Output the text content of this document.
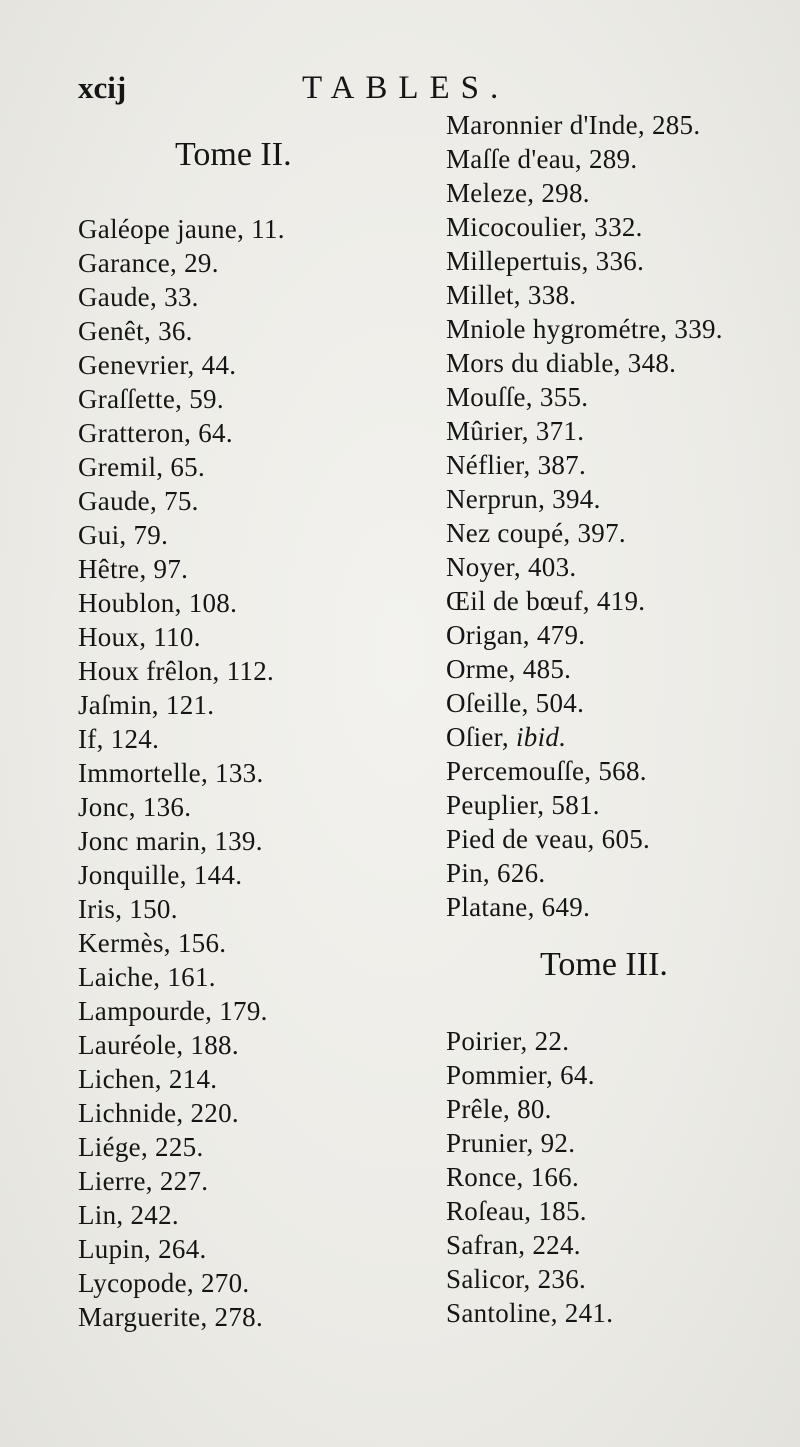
xcij	TABLES.
Tome II.
Galéope jaune, 11.
Garance, 29.
Gaude, 33.
Genêt, 36.
Genevrier, 44.
Graſſette, 59.
Gratteron, 64.
Gremil, 65.
Gaude, 75.
Gui, 79.
Hêtre, 97.
Houblon, 108.
Houx, 110.
Houx frêlon, 112.
Jaſmin, 121.
If, 124.
Immortelle, 133.
Jonc, 136.
Jonc marin, 139.
Jonquille, 144.
Iris, 150.
Kermès, 156.
Laiche, 161.
Lampourde, 179.
Lauréole, 188.
Lichen, 214.
Lichnide, 220.
Liége, 225.
Lierre, 227.
Lin, 242.
Lupin, 264.
Lycopode, 270.
Marguerite, 278.
Maronnier d'Inde, 285.
Maſſe d'eau, 289.
Meleze, 298.
Micocoulier, 332.
Millepertuis, 336.
Millet, 338.
Mniole hygrométre, 339.
Mors du diable, 348.
Mouſſe, 355.
Mûrier, 371.
Néflier, 387.
Nerprun, 394.
Nez coupé, 397.
Noyer, 403.
Œil de bœuf, 419.
Origan, 479.
Orme, 485.
Oſeille, 504.
Oſier, ibid.
Percemouſſe, 568.
Peuplier, 581.
Pied de veau, 605.
Pin, 626.
Platane, 649.
Tome III.
Poirier, 22.
Pommier, 64.
Prêle, 80.
Prunier, 92.
Ronce, 166.
Roſeau, 185.
Safran, 224.
Salicor, 236.
Santoline, 241.
